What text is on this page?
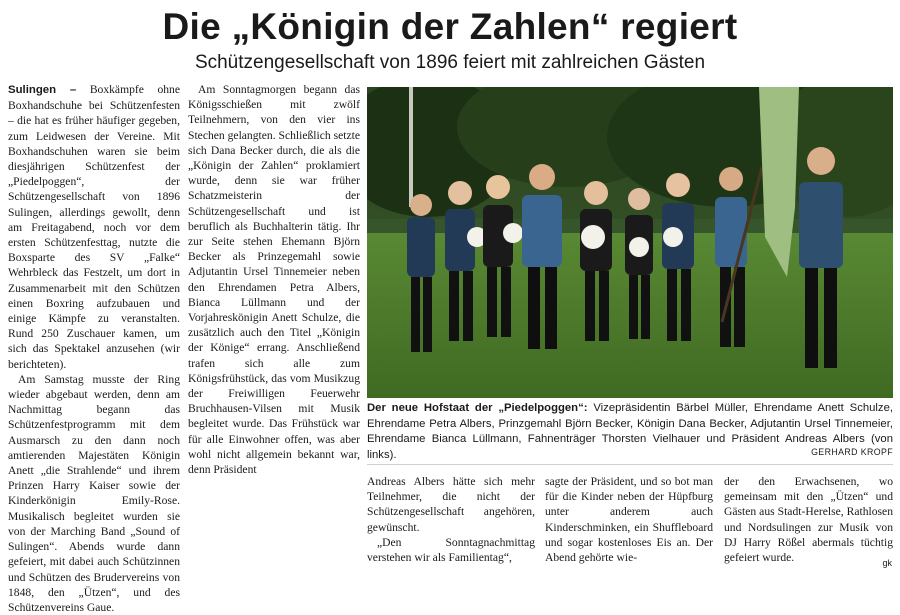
Die „Königin der Zahlen“ regiert
Schützengesellschaft von 1896 feiert mit zahlreichen Gästen

Sulingen – Boxkämpfe ohne Boxhandschuhe bei Schützenfesten – die hat es früher häufiger gegeben, zum Leidwesen der Vereine. Mit Boxhandschuhen waren sie beim diesjährigen Schützenfest der „Piedelpoggen“, der Schützengesellschaft von 1896 Sulingen, allerdings gewollt, denn am Freitagabend, noch vor dem ersten Schützenfesttag, nutzte die Boxsparte des SV „Falke“ Wehrbleck das Festzelt, um dort in Zusammenarbeit mit den Schützen einen Boxring aufzubauen und einige Kämpfe zu veranstalten. Rund 250 Zuschauer kamen, um sich das Spektakel anzusehen (wir berichteten).

Am Samstag musste der Ring wieder abgebaut werden, denn am Nachmittag begann das Schützenfestprogramm mit dem Ausmarsch zu den dann noch amtierenden Majestäten Königin Anett „die Strahlende“ und ihrem Prinzen Harry Kaiser sowie der Kinderkönigin Emily-Rose. Musikalisch begleitet wurden sie von der Marching Band „Sound of Sulingen“. Abends wurde dann gefeiert, mit dabei auch Schützinnen und Schützen des Brudervereins von 1848, den „Ützen“, und des Schützenvereins Gaue.

Am Sonntagmorgen begann das Königsschießen mit zwölf Teilnehmern, von den vier ins Stechen gelangten. Schließlich setzte sich Dana Becker durch, die als die „Königin der Zahlen“ proklamiert wurde, denn sie war früher Schatzmeisterin der Schützengesellschaft und ist beruflich als Buchhalterin tätig. Ihr zur Seite stehen Ehemann Björn Becker als Prinzegemahl sowie Adjutantin Ursel Tinnemeier neben den Ehrendamen Petra Albers, Bianca Lüllmann und der Vorjahreskönigin Anett Schulze, die zusätzlich auch den Titel „Königin der Könige“ errang. Anschließend trafen sich alle zum Königsfrühstück, das vom Musikzug der Freiwilligen Feuerwehr Bruchhausen-Vilsen mit Musik begleitet wurde. Das Frühstück war für alle Einwohner offen, was aber wohl nicht allgemein bekannt war, denn Präsident

Der neue Hofstaat der „Piedelpoggen“: Vizepräsidentin Bärbel Müller, Ehrendame Anett Schulze, Ehrendame Petra Albers, Prinzgemahl Björn Becker, Königin Dana Becker, Adjutantin Ursel Tinnemeier, Ehrendame Bianca Lüllmann, Fahnenträger Thorsten Vielhauer und Präsident Andreas Albers (von links).	GERHARD KROPF

Andreas Albers hätte sich mehr Teilnehmer, die nicht der Schützengesellschaft angehören, gewünscht.

„Den Sonntagnachmittag verstehen wir als Familientag“,

sagte der Präsident, und so bot man für die Kinder neben der Hüpfburg unter anderem auch Kinderschminken, ein Shuffleboard und sogar kostenloses Eis an. Der Abend gehörte wie-

der den Erwachsenen, wo gemeinsam mit den „Ützen“ und Gästen aus Stadt-Herelse, Rathlosen und Nordsulingen zur Musik von DJ Harry Rößel abermals tüchtig gefeiert wurde.	gk
